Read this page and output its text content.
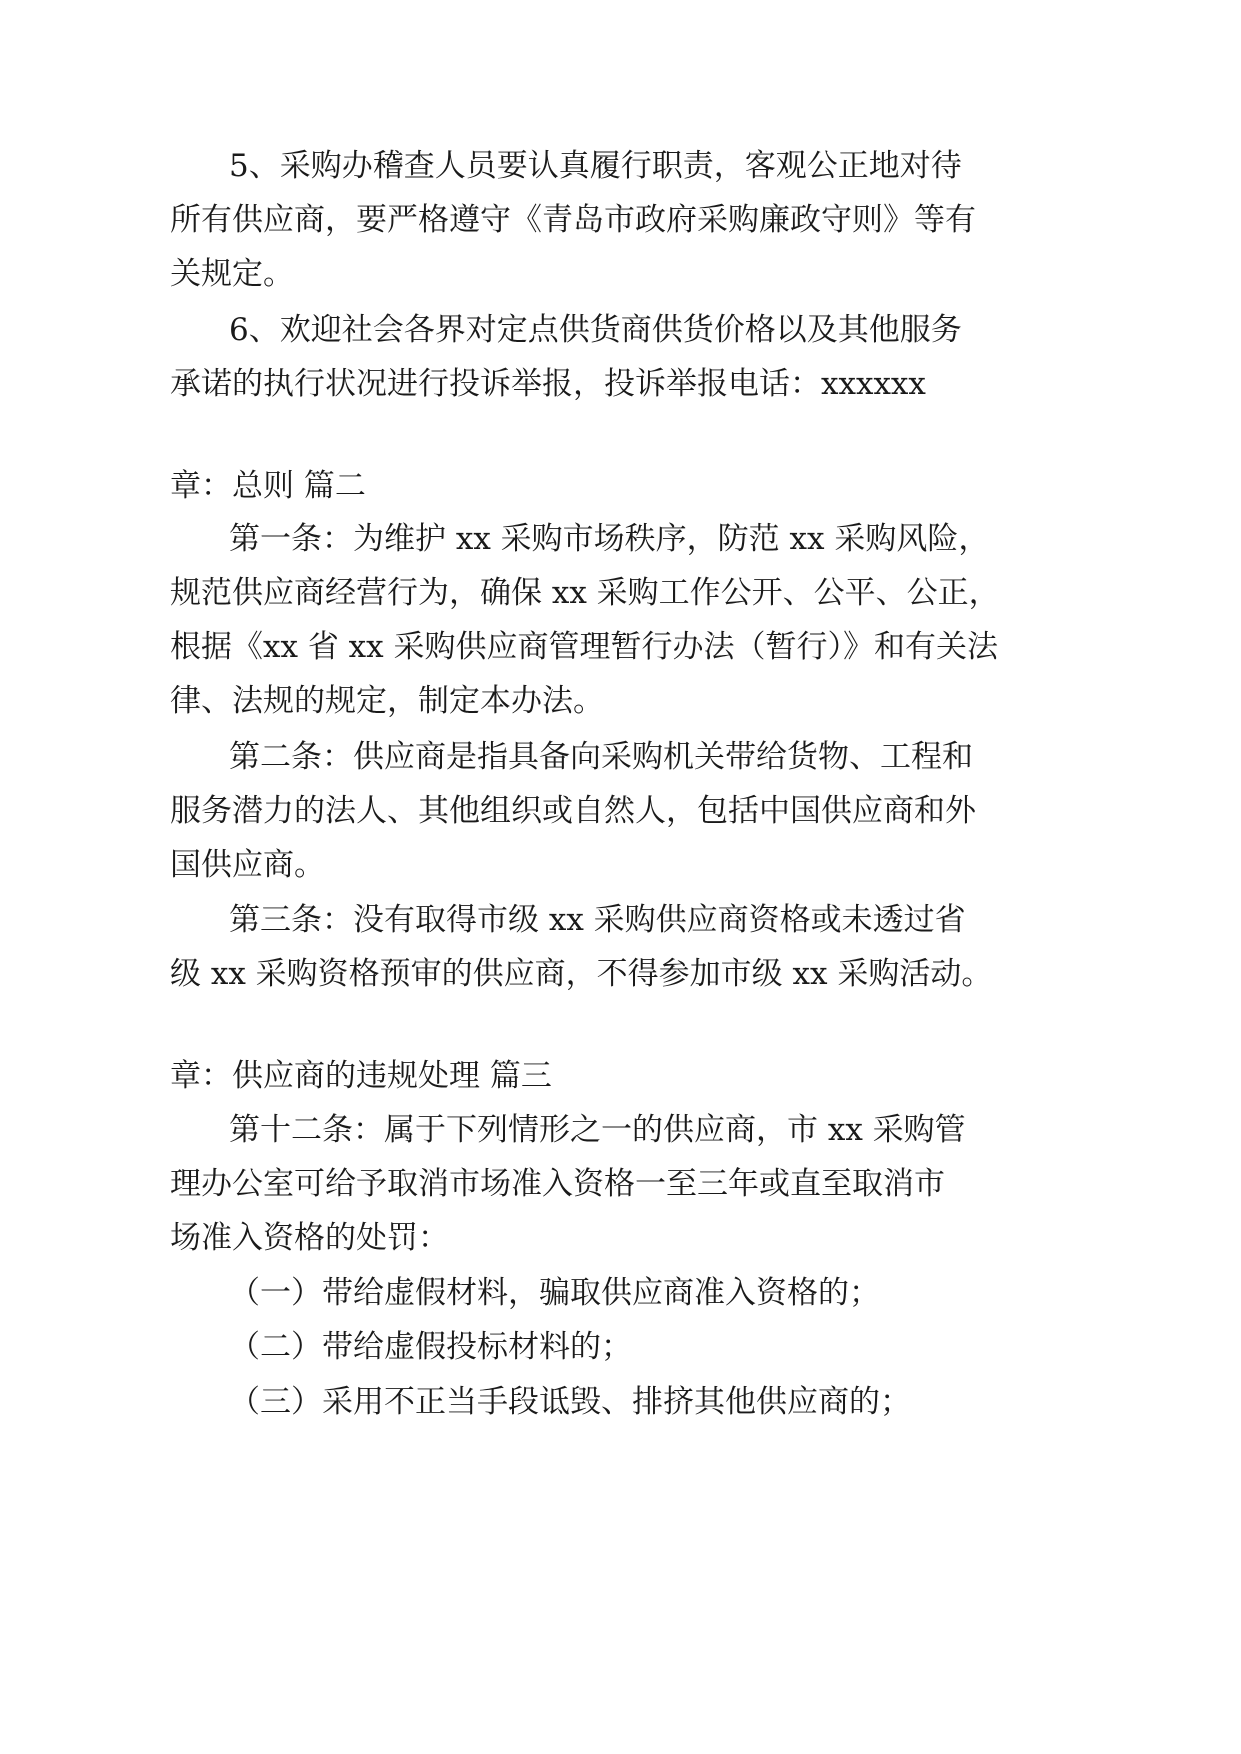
5、采购办稽查人员要认真履行职责，客观公正地对待
所有供应商，要严格遵守《青岛市政府采购廉政守则》等有
关规定。
6、欢迎社会各界对定点供货商供货价格以及其他服务
承诺的执行状况进行投诉举报，投诉举报电话：xxxxxx
章：总则 篇二
第一条：为维护 xx 采购市场秩序，防范 xx 采购风险，
规范供应商经营行为，确保 xx 采购工作公开、公平、公正，
根据《xx 省 xx 采购供应商管理暂行办法（暂行）》和有关法
律、法规的规定，制定本办法。
第二条：供应商是指具备向采购机关带给货物、工程和
服务潜力的法人、其他组织或自然人，包括中国供应商和外
国供应商。
第三条：没有取得市级 xx 采购供应商资格或未透过省
级 xx 采购资格预审的供应商，不得参加市级 xx 采购活动。
章：供应商的违规处理 篇三
第十二条：属于下列情形之一的供应商，市 xx 采购管
理办公室可给予取消市场准入资格一至三年或直至取消市
场准入资格的处罚：
（一）带给虚假材料，骗取供应商准入资格的；
（二）带给虚假投标材料的；
（三）采用不正当手段诋毁、排挤其他供应商的；
